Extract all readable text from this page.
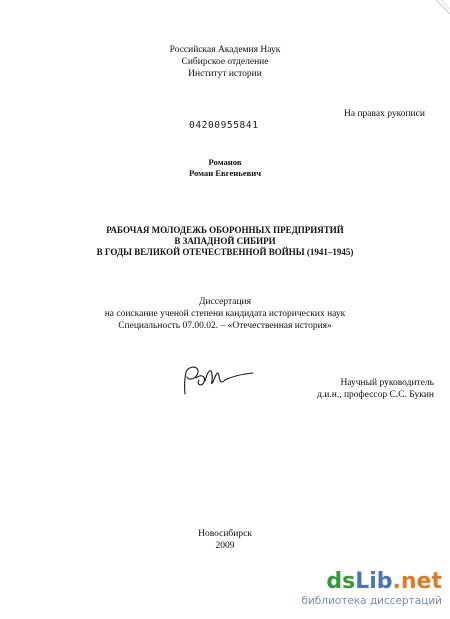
Российская Академия Наук
Сибирское отделение
Институт истории
На правах рукописи
04200955841
Романов
Роман Евгеньевич
РАБОЧАЯ МОЛОДЕЖЬ ОБОРОННЫХ ПРЕДПРИЯТИЙ
В ЗАПАДНОЙ СИБИРИ
В ГОДЫ ВЕЛИКОЙ ОТЕЧЕСТВЕННОЙ ВОЙНЫ (1941–1945)
Диссертация
на соискание ученой степени кандидата исторических наук
Специальность 07.00.02. – «Отечественная история»
Научный руководитель
д.и.н., профессор С.С. Букин
Новосибирск
2009
dsLib.net
библиотека диссертаций
